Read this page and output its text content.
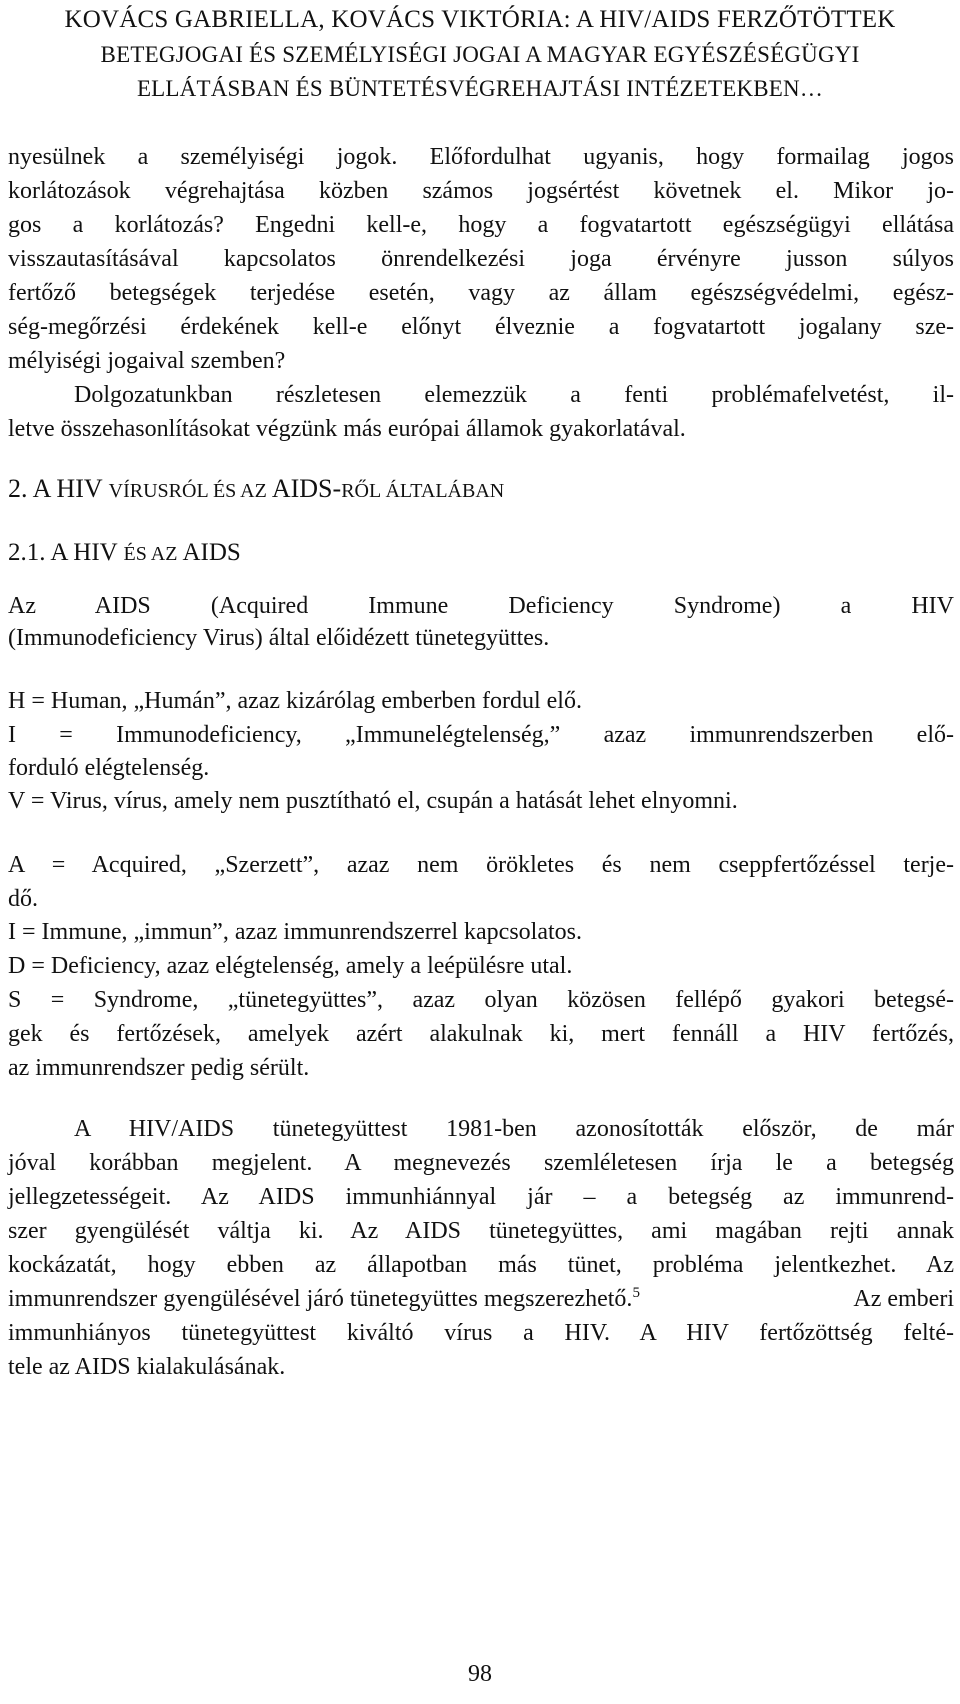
KOVÁCS GABRIELLA, KOVÁCS VIKTÓRIA: A HIV/AIDS FERZŐTÖTTEK
BETEGJOGAI ÉS SZEMÉLYISÉGI JOGAI A MAGYAR EGYÉSZÉSÉGÜGYI
ELLÁTÁSBAN ÉS BÜNTETÉSVÉGREHAJTÁSI INTÉZETEKBEN…
nyesülnek a személyiségi jogok. Előfordulhat ugyanis, hogy formailag jogos
korlátozások végrehajtása közben számos jogsértést követnek el. Mikor jo-
gos a korlátozás? Engedni kell-e, hogy a fogvatartott egészségügyi ellátása
visszautasításával kapcsolatos önrendelkezési joga érvényre jusson súlyos
fertőző betegségek terjedése esetén, vagy az állam egészségvédelmi, egész-
ség-megőrzési érdekének kell-e előnyt élveznie a fogvatartott jogalany sze-
mélyiségi jogaival szemben?
Dolgozatunkban részletesen elemezzük a fenti problémafelvetést, il-
letve összehasonlításokat végzünk más európai államok gyakorlatával.
2. A HIV VÍRUSRÓL ÉS AZ AIDS-RŐL ÁLTALÁBAN
2.1. A HIV ÉS AZ AIDS
Az AIDS (Acquired Immune Deficiency Syndrome) a HIV
(Immunodeficiency Virus) által előidézett tünetegyüttes.
H = Human, „Humán”, azaz kizárólag emberben fordul elő.
I = Immunodeficiency, „Immunelégtelenség,” azaz immunrendszerben elő-
forduló elégtelenség.
V = Virus, vírus, amely nem pusztítható el, csupán a hatását lehet elnyomni.
A = Acquired, „Szerzett”, azaz nem örökletes és nem cseppfertőzéssel terje-
dő.
I = Immune, „immun”, azaz immunrendszerrel kapcsolatos.
D = Deficiency, azaz elégtelenség, amely a leépülésre utal.
S = Syndrome, „tünetegyüttes”, azaz olyan közösen fellépő gyakori betegsé-
gek és fertőzések, amelyek azért alakulnak ki, mert fennáll a HIV fertőzés,
az immunrendszer pedig sérült.
A HIV/AIDS tünetegyüttest 1981-ben azonosították először, de már
jóval korábban megjelent. A megnevezés szemléletesen írja le a betegség
jellegzetességeit. Az AIDS immunhiánnyal jár – a betegség az immunrend-
szer gyengülését váltja ki. Az AIDS tünetegyüttes, ami magában rejti annak
kockázatát, hogy ebben az állapotban más tünet, probléma jelentkezhet. Az
immunrendszer gyengülésével járó tünetegyüttes megszerezhető.$^5$	Az emberi
immunhiányos tünetegyüttest kiváltó vírus a HIV. A HIV fertőzöttség felté-
tele az AIDS kialakulásának.
98
